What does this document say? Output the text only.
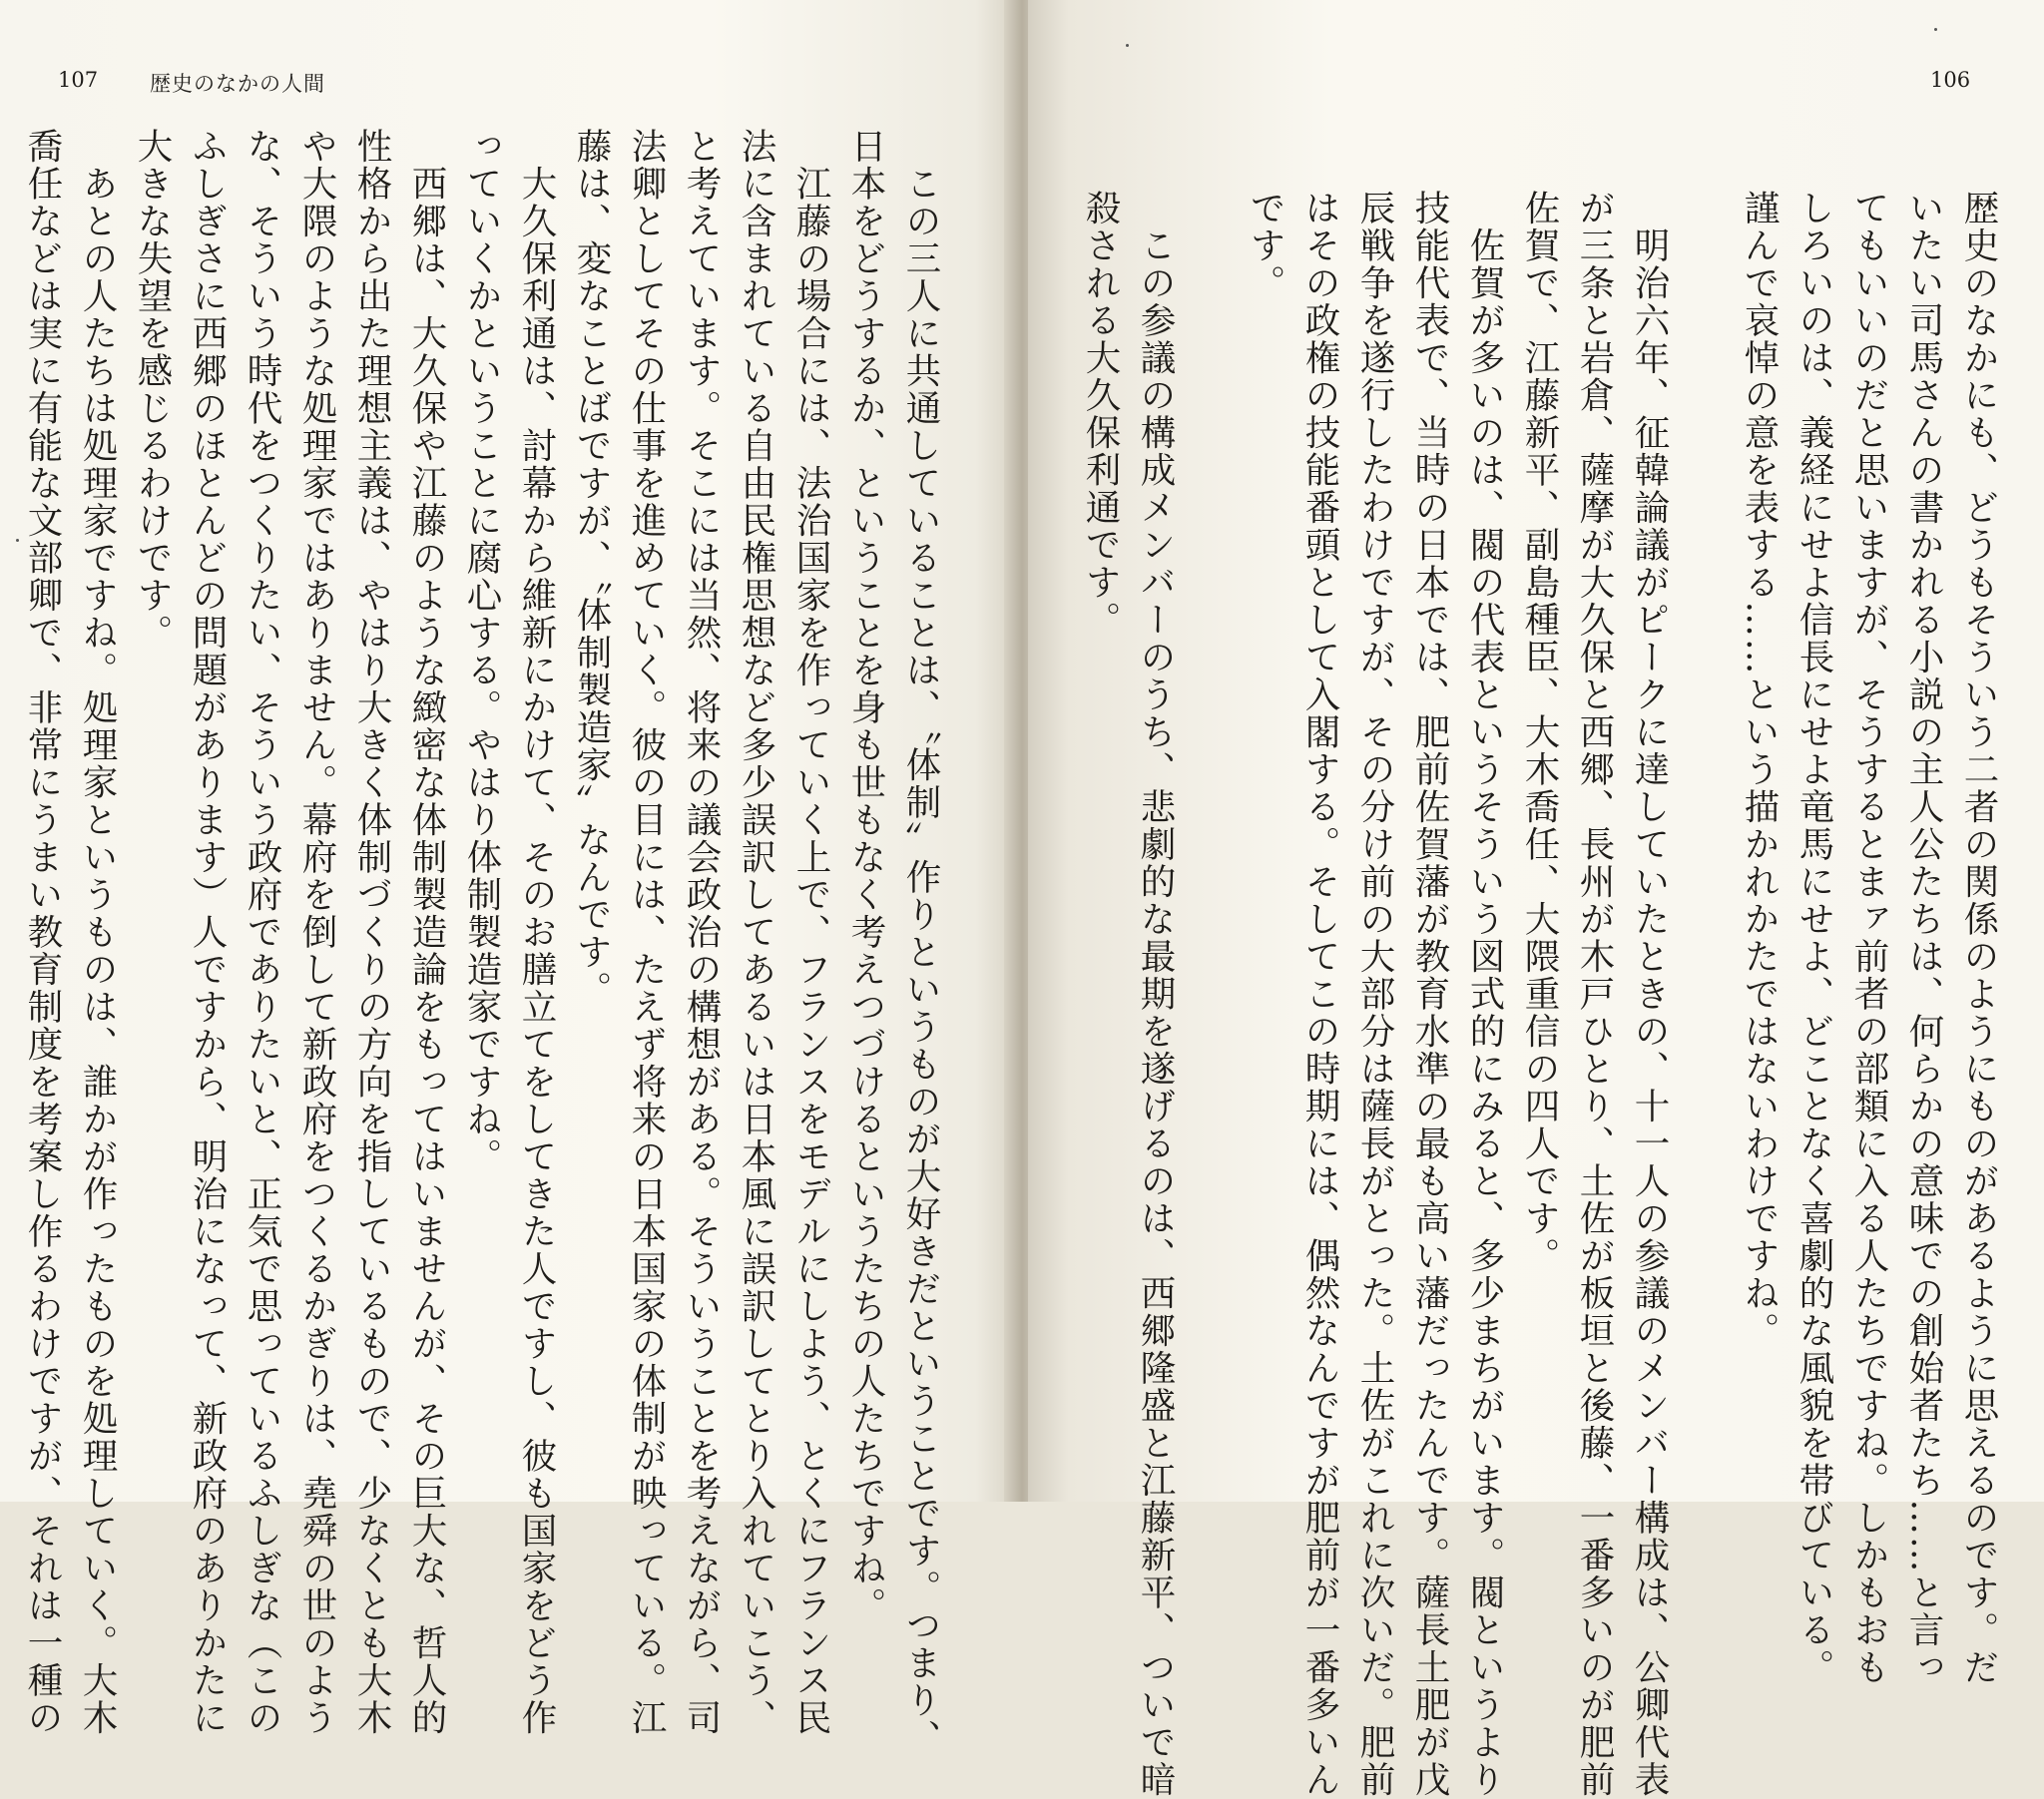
107 歴史のなかの人間
　この三人に共通していることは、〝体制〟作りというものが大好きだということです。つまり、
日本をどうするか、ということを身も世もなく考えつづけるというたちの人たちですね。
　江藤の場合には、法治国家を作っていく上で、フランスをモデルにしよう、とくにフランス民
法に含まれている自由民権思想など多少誤訳してあるいは日本風に誤訳してとり入れていこう、
と考えています。そこには当然、将来の議会政治の構想がある。そういうことを考えながら、司
法卿としてその仕事を進めていく。彼の目には、たえず将来の日本国家の体制が映っている。江
藤は、変なことばですが、〝体制製造家〟なんです。
　大久保利通は、討幕から維新にかけて、そのお膳立てをしてきた人ですし、彼も国家をどう作
っていくかということに腐心する。やはり体制製造家ですね。
　西郷は、大久保や江藤のような緻密な体制製造論をもってはいませんが、その巨大な、哲人的
性格から出た理想主義は、やはり大きく体制づくりの方向を指しているもので、少なくとも大木
や大隈のような処理家ではありません。幕府を倒して新政府をつくるかぎりは、堯舜の世のよう
な、そういう時代をつくりたい、そういう政府でありたいと、正気で思っているふしぎな（この
ふしぎさに西郷のほとんどの問題があります）人ですから、明治になって、新政府のありかたに
大きな失望を感じるわけです。
　あとの人たちは処理家ですね。処理家というものは、誰かが作ったものを処理していく。大木
喬任などは実に有能な文部卿で、非常にうまい教育制度を考案し作るわけですが、それは一種の
106
歴史のなかにも、どうもそういう二者の関係のようにものがあるように思えるのです。だ
いたい司馬さんの書かれる小説の主人公たちは、何らかの意味での創始者たち……と言っ
てもいいのだと思いますが、そうするとまァ前者の部類に入る人たちですね。しかもおも
しろいのは、義経にせよ信長にせよ竜馬にせよ、どことなく喜劇的な風貌を帯びている。
謹んで哀悼の意を表する……という描かれかたではないわけですね。

　明治六年、征韓論議がピークに達していたときの、十一人の参議のメンバー構成は、公卿代表
が三条と岩倉、薩摩が大久保と西郷、長州が木戸ひとり、土佐が板垣と後藤、一番多いのが肥前
佐賀で、江藤新平、副島種臣、大木喬任、大隈重信の四人です。
　佐賀が多いのは、閥の代表というそういう図式的にみると、多少まちがいます。閥というより
技能代表で、当時の日本では、肥前佐賀藩が教育水準の最も高い藩だったんです。薩長土肥が戊
辰戦争を遂行したわけですが、その分け前の大部分は薩長がとった。土佐がこれに次いだ。肥前
はその政権の技能番頭として入閣する。そしてこの時期には、偶然なんですが肥前が一番多いん
です。

　この参議の構成メンバーのうち、悲劇的な最期を遂げるのは、西郷隆盛と江藤新平、ついで暗
殺される大久保利通です。
